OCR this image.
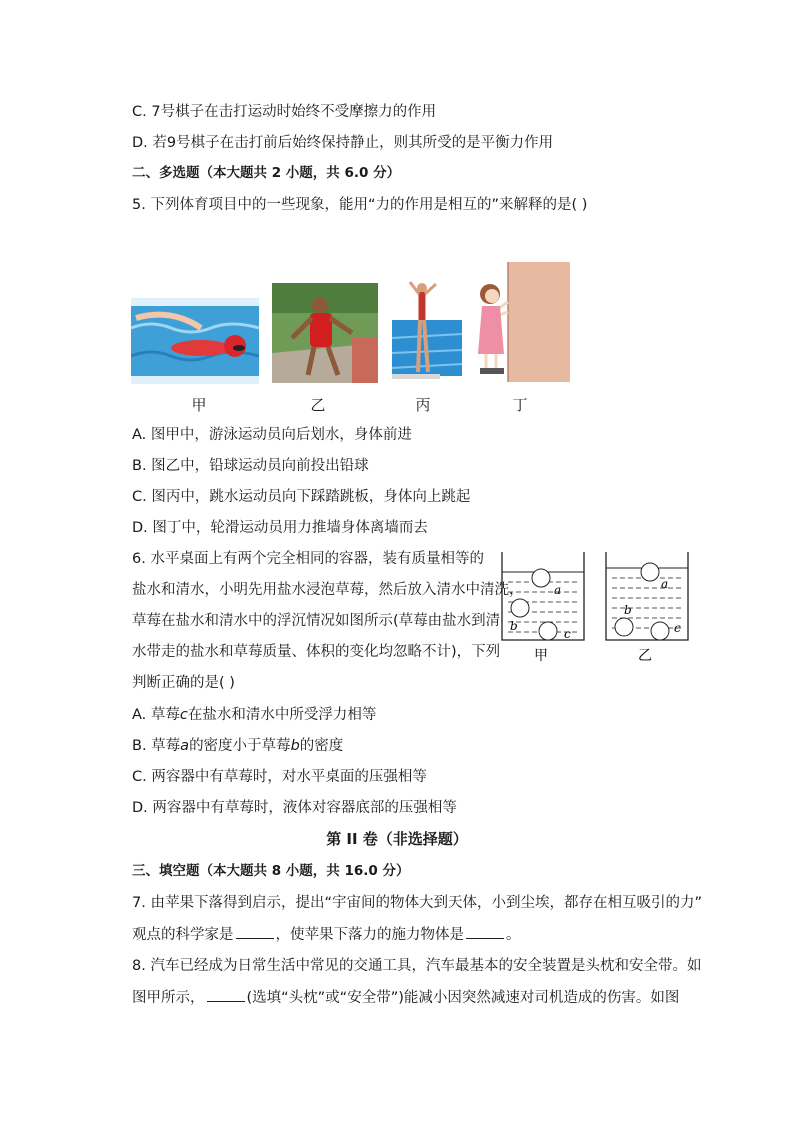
C. 7号棋子在击打运动时始终不受摩擦力的作用
D. 若9号棋子在击打前后始终保持静止，则其所受的是平衡力作用
二、多选题（本大题共 2 小题，共 6.0 分）
5. 下列体育项目中的一些现象，能用“力的作用是相互的”来解释的是( )
甲	乙	丙	丁
A. 图甲中，游泳运动员向后划水，身体前进
B. 图乙中，铅球运动员向前投出铅球
C. 图丙中，跳水运动员向下踩踏跳板，身体向上跳起
D. 图丁中，轮滑运动员用力推墙身体离墙而去
6. 水平桌面上有两个完全相同的容器，装有质量相等的
盐水和清水，小明先用盐水浸泡草莓，然后放入清水中清洗，
草莓在盐水和清水中的浮沉情况如图所示(草莓由盐水到清
水带走的盐水和草莓质量、体积的变化均忽略不计)，下列
判断正确的是( )
a
b
c
a
b
c
甲	乙
A. 草莓c在盐水和清水中所受浮力相等
B. 草莓a的密度小于草莓b的密度
C. 两容器中有草莓时，对水平桌面的压强相等
D. 两容器中有草莓时，液体对容器底部的压强相等
第 II 卷（非选择题）
三、填空题（本大题共 8 小题，共 16.0 分）
7. 由苹果下落得到启示，提出“宇宙间的物体大到天体，小到尘埃，都存在相互吸引的力”
观点的科学家是	，使苹果下落力的施力物体是	。
8. 汽车已经成为日常生活中常见的交通工具，汽车最基本的安全装置是头枕和安全带。如
图甲所示，	(选填“头枕”或“安全带”)能减小因突然减速对司机造成的伤害。如图
